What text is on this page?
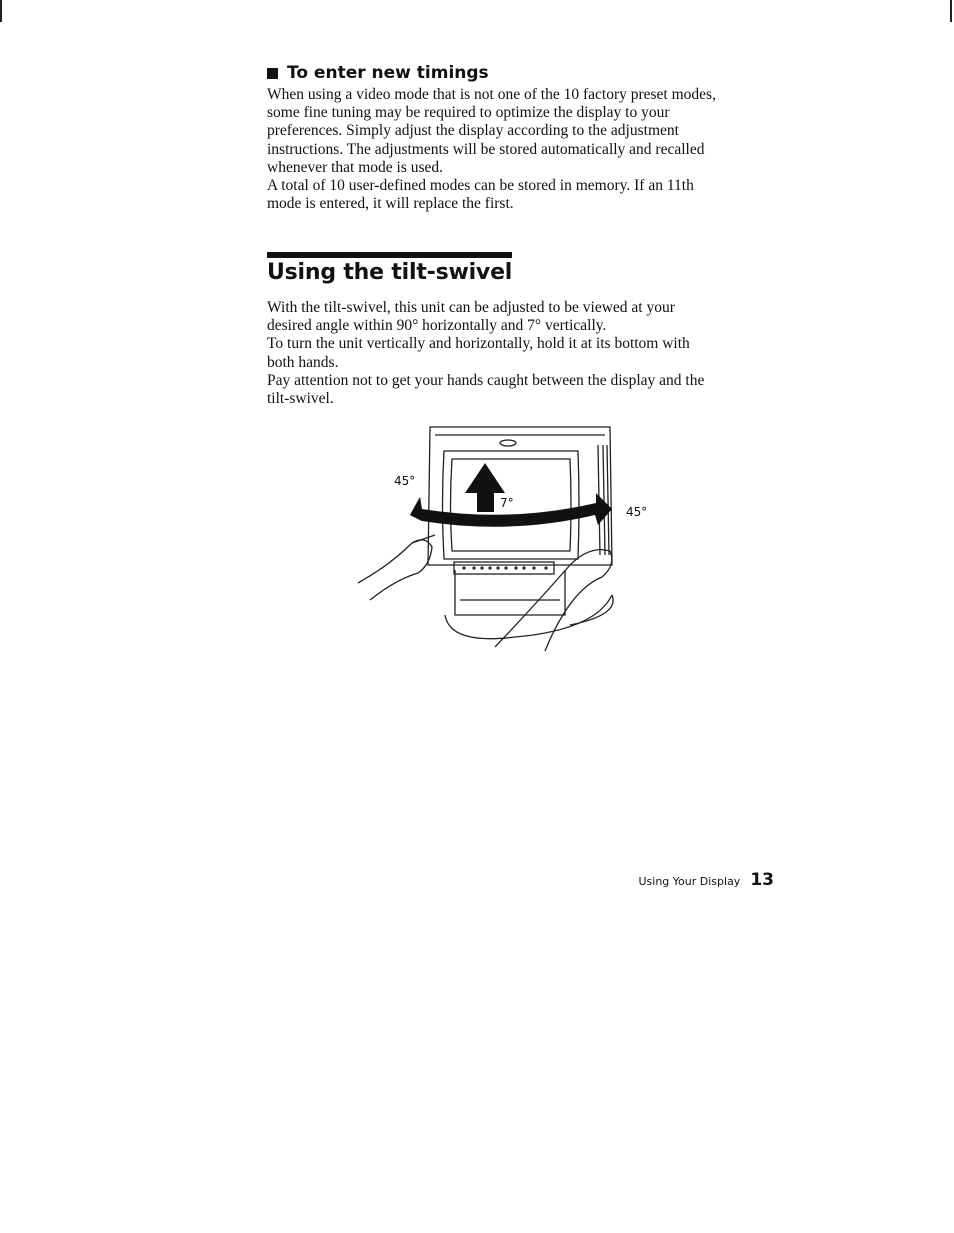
To enter new timings

When using a video mode that is not one of the 10 factory preset modes,
some fine tuning may be required to optimize the display to your
preferences. Simply adjust the display according to the adjustment
instructions. The adjustments will be stored automatically and recalled
whenever that mode is used.

A total of 10 user-defined modes can be stored in memory. If an 11th
mode is entered, it will replace the first.

Using the tilt-swivel

With the tilt-swivel, this unit can be adjusted to be viewed at your
desired angle within 90° horizontally and 7° vertically.

To turn the unit vertically and horizontally, hold it at its bottom with
both hands.

Pay attention not to get your hands caught between the display and the
tilt-swivel.

45°
45°
7°
Using Your Display 13
